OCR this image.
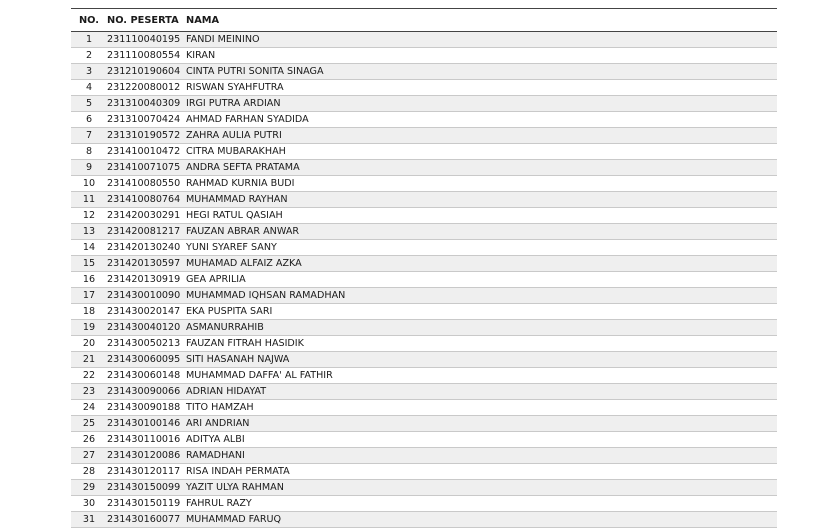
NO.	NO. PESERTA	NAMA
1	231110040195	FANDI MEININO
2	231110080554	KIRAN
3	231210190604	CINTA PUTRI SONITA SINAGA
4	231220080012	RISWAN SYAHFUTRA
5	231310040309	IRGI PUTRA ARDIAN
6	231310070424	AHMAD FARHAN SYADIDA
7	231310190572	ZAHRA AULIA PUTRI
8	231410010472	CITRA MUBARAKHAH
9	231410071075	ANDRA SEFTA PRATAMA
10	231410080550	RAHMAD KURNIA BUDI
11	231410080764	MUHAMMAD RAYHAN
12	231420030291	HEGI RATUL QASIAH
13	231420081217	FAUZAN ABRAR ANWAR
14	231420130240	YUNI SYAREF SANY
15	231420130597	MUHAMAD ALFAIZ AZKA
16	231420130919	GEA APRILIA
17	231430010090	MUHAMMAD IQHSAN RAMADHAN
18	231430020147	EKA PUSPITA SARI
19	231430040120	ASMANURRAHIB
20	231430050213	FAUZAN FITRAH HASIDIK
21	231430060095	SITI HASANAH NAJWA
22	231430060148	MUHAMMAD DAFFA' AL FATHIR
23	231430090066	ADRIAN HIDAYAT
24	231430090188	TITO HAMZAH
25	231430100146	ARI ANDRIAN
26	231430110016	ADITYA ALBI
27	231430120086	RAMADHANI
28	231430120117	RISA INDAH PERMATA
29	231430150099	YAZIT ULYA RAHMAN
30	231430150119	FAHRUL RAZY
31	231430160077	MUHAMMAD FARUQ
